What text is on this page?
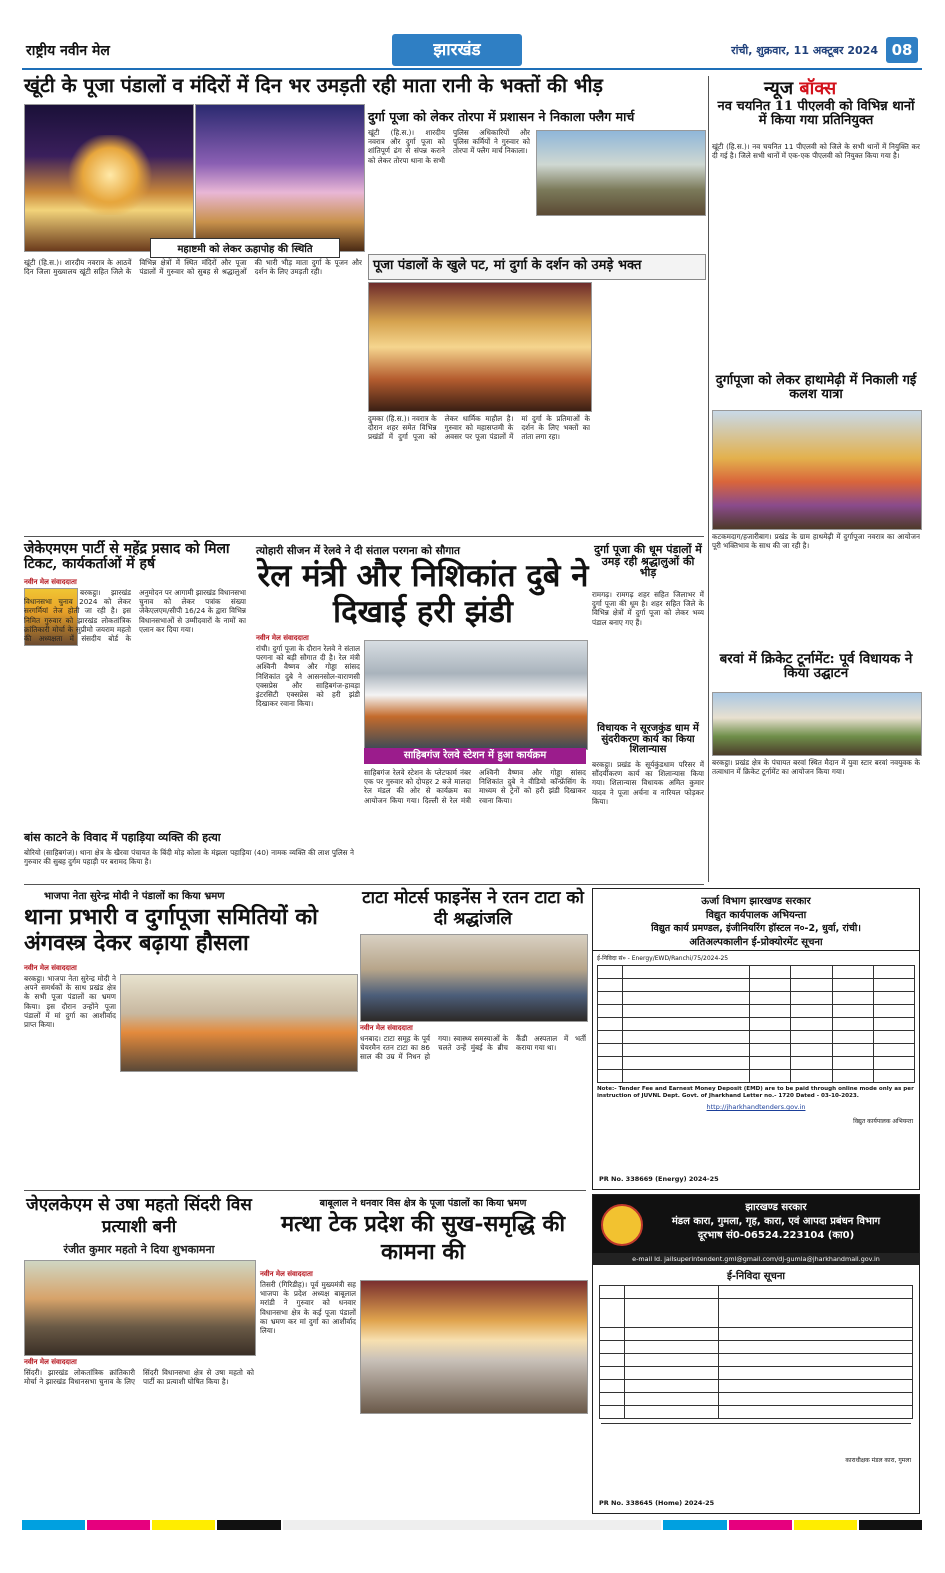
राष्ट्रीय नवीन मेल	झारखंड	रांची, शुक्रवार, 11 अक्टूबर 2024 08
खूंटी के पूजा पंडालों व मंदिरों में दिन भर उमड़ती रही माता रानी के भक्तों की भीड़
महाष्टमी को लेकर ऊहापोह की स्थिति
खूंटी (हि.स.)। शारदीय नवरात्र के आठवें दिन जिला मुख्यालय खूंटी सहित जिले के विभिन्न क्षेत्रों में स्थित मंदिरों और पूजा पंडालों में गुरुवार को सुबह से श्रद्धालुओं की भारी भीड़ माता दुर्गा के पूजन और दर्शन के लिए उमड़ती रही।
दुर्गा पूजा को लेकर तोरपा में प्रशासन ने निकाला फ्लैग मार्च
खूंटी (हि.स.)। शारदीय नवरात्र और दुर्गा पूजा को शांतिपूर्ण ढंग से संपन्न कराने को लेकर तोरपा थाना के सभी पुलिस अधिकारियों और पुलिस कर्मियों ने गुरुवार को तोरपा में फ्लैग मार्च निकाला।
पूजा पंडालों के खुले पट, मां दुर्गा के दर्शन को उमड़े भक्त
दुमका (हि.स.)। नवरात्र के दौरान शहर समेत विभिन्न प्रखंडों में दुर्गा पूजा को लेकर धार्मिक माहौल है। गुरुवार को महासप्तमी के अवसर पर पूजा पंडालों में मां दुर्गा के प्रतिमाओं के दर्शन के लिए भक्तों का तांता लगा रहा।
न्यूज बॉक्स
नव चयनित 11 पीएलवी को विभिन्न थानों में किया गया प्रतिनियुक्त
खूंटी (हि.स.)। नव चयनित 11 पीएलवी को जिले के सभी थानों में नियुक्ति कर दी गई है। जिले सभी थानों में एक-एक पीएलवी को नियुक्त किया गया है।
दुर्गापूजा को लेकर हाथामेढ़ी में निकाली गई कलश यात्रा
कटकमदाग/हजारीबाग। प्रखंड के ग्राम हाथमेढ़ी में दुर्गापूजा नवरात्र का आयोजन पूरी भक्तिभाव के साथ की जा रही है।
जेकेएमएम पार्टी से महेंद्र प्रसाद को मिला टिकट, कार्यकर्ताओं में हर्ष
नवीन मेल संवाददाता
बरकट्ठा। झारखंड विधानसभा चुनाव 2024 को लेकर सरगर्मियां तेज होती जा रही है। इस निमित गुरुवार को झारखंड लोकतांत्रिक क्रांतिकारी मोर्चा के सुप्रीमो जयराम महतो की अध्यक्षता में संसदीय बोर्ड के अनुमोदन पर आगामी झारखंड विधानसभा चुनाव को लेकर पत्रांक संख्या जेकेएलएम/सीपी 16/24 के द्वारा विभिन्न विधानसभाओं से उम्मीदवारों के नामों का एलान कर दिया गया।
बांस काटने के विवाद में पहाड़िया व्यक्ति की हत्या
बोरियो (साहिबगंज)। थाना क्षेत्र के खैरवा पंचायत के बिंदी मोड़ कोला के मंझला पहाड़िया (40) नामक व्यक्ति की लाश पुलिस ने गुरुवार की सुबह दुर्गम पहाड़ी पर बरामद किया है।
त्योहारी सीजन में रेलवे ने दी संताल परगना को सौगात
रेल मंत्री और निशिकांत दुबे ने दिखाई हरी झंडी
नवीन मेल संवाददाता
रांची। दुर्गा पूजा के दौरान रेलवे ने संताल परगना को बड़ी सौगात दी है। रेल मंत्री अश्विनी वैष्णव और गोड्डा सांसद निशिकांत दुबे ने आसनसोल-वाराणसी एक्सप्रेस और साहिबगंज-हावड़ा इंटरसिटी एक्सप्रेस को हरी झंडी दिखाकर रवाना किया।
साहिबगंज रेलवे स्टेशन में हुआ कार्यक्रम
साहिबगंज रेलवे स्टेशन के प्लेटफार्म नंबर एक पर गुरुवार को दोपहर 2 बजे मालदा रेल मंडल की ओर से कार्यक्रम का आयोजन किया गया। दिल्ली से रेल मंत्री अश्विनी वैष्णव और गोड्डा सांसद निशिकांत दुबे ने वीडियो कॉन्फ्रेंसिंग के माध्यम से ट्रेनों को हरी झंडी दिखाकर रवाना किया।
दुर्गा पूजा की धूम पंडालों में उमड़ रही श्रद्धालुओं की भीड़
रामगढ़। रामगढ़ शहर सहित जिलाभर में दुर्गा पूजा की धूम है। शहर सहित जिले के विभिन्न क्षेत्रों में दुर्गा पूजा को लेकर भव्य पंडाल बनाए गए हैं।
विधायक ने सूरजकुंड धाम में सुंदरीकरण कार्य का किया शिलान्यास
बरकट्ठा। प्रखंड के सूर्यकुंडधाम परिसर में सौंदर्यीकरण कार्य का शिलान्यास किया गया। शिलान्यास विधायक अमित कुमार यादव ने पूजा अर्चना व नारियल फोड़कर किया।
बरवां में क्रिकेट टूर्नामेंट: पूर्व विधायक ने किया उद्घाटन
बरकट्ठा। प्रखंड क्षेत्र के पंचायत बरवां स्थित मैदान में युवा स्टार बरवां नवयुवक के तत्वाधान में क्रिकेट टूर्नामेंट का आयोजन किया गया।
भाजपा नेता सुरेन्द्र मोदी ने पंडालों का किया भ्रमण
थाना प्रभारी व दुर्गापूजा समितियों को अंगवस्त्र देकर बढ़ाया हौसला
नवीन मेल संवाददाता
बरकट्ठा। भाजपा नेता सुरेन्द्र मोदी ने अपने समर्थकों के साथ प्रखंड क्षेत्र के सभी पूजा पंडालों का भ्रमण किया। इस दौरान उन्होंने पूजा पंडालों में मां दुर्गा का आशीर्वाद प्राप्त किया।
टाटा मोटर्स फाइनेंस ने रतन टाटा को दी श्रद्धांजलि
नवीन मेल संवाददाता
धनबाद। टाटा समूह के पूर्व चेयरमैन रतन टाटा का 86 साल की उम्र में निधन हो गया। स्वास्थ्य समस्याओं के चलते उन्हें मुंबई के ब्रीच कैंडी अस्पताल में भर्ती कराया गया था।
ऊर्जा विभाग झारखण्ड सरकार
विद्युत कार्यपालक अभियन्ता
विद्युत कार्य प्रमण्डल, इंजीनियरिंग हॉस्टल न०-2, धुर्वा, रांची।
अतिअल्पकालीन ई-प्रोक्योरमेंट सूचना
ई-निविदा सं० - Energy/EWD/Ranchi/75/2024-25

Note:- Tender Fee and Earnest Money Deposit (EMD) are to be paid through online mode only as per instruction of JUVNL Dept. Govt. of Jharkhand Letter no.- 1720 Dated - 03-10-2023.
http://jharkhandtenders.gov.in
विद्युत कार्यपालक अभियन्ता
PR No. 338669 (Energy) 2024-25
झारखण्ड सरकार
मंडल कारा, गुमला, गृह, कारा, एवं आपदा प्रबंधन विभाग
दूरभाष सं0-06524.223104 (का0)
e-mail Id. jailsuperintendent.gml@gmail.com/dj-gumla@jharkhandmail.gov.in
ई-निविदा सूचना

काराधीक्षक मंडल कारा, गुमला
PR No. 338645 (Home) 2024-25
जेएलकेएम से उषा महतो सिंदरी विस प्रत्याशी बनी
रंजीत कुमार महतो ने दिया शुभकामना
नवीन मेल संवाददाता
सिंदरी। झारखंड लोकतांत्रिक क्रांतिकारी मोर्चा ने झारखंड विधानसभा चुनाव के लिए सिंदरी विधानसभा क्षेत्र से उषा महतो को पार्टी का प्रत्याशी घोषित किया है।
बाबूलाल ने धनवार विस क्षेत्र के पूजा पंडालों का किया भ्रमण
मत्था टेक प्रदेश की सुख-समृद्धि की कामना की
नवीन मेल संवाददाता
तिसरी (गिरिडीह)। पूर्व मुख्यमंत्री सह भाजपा के प्रदेश अध्यक्ष बाबूलाल मरांडी ने गुरुवार को धनवार विधानसभा क्षेत्र के कई पूजा पंडालों का भ्रमण कर मां दुर्गा का आशीर्वाद लिया।
